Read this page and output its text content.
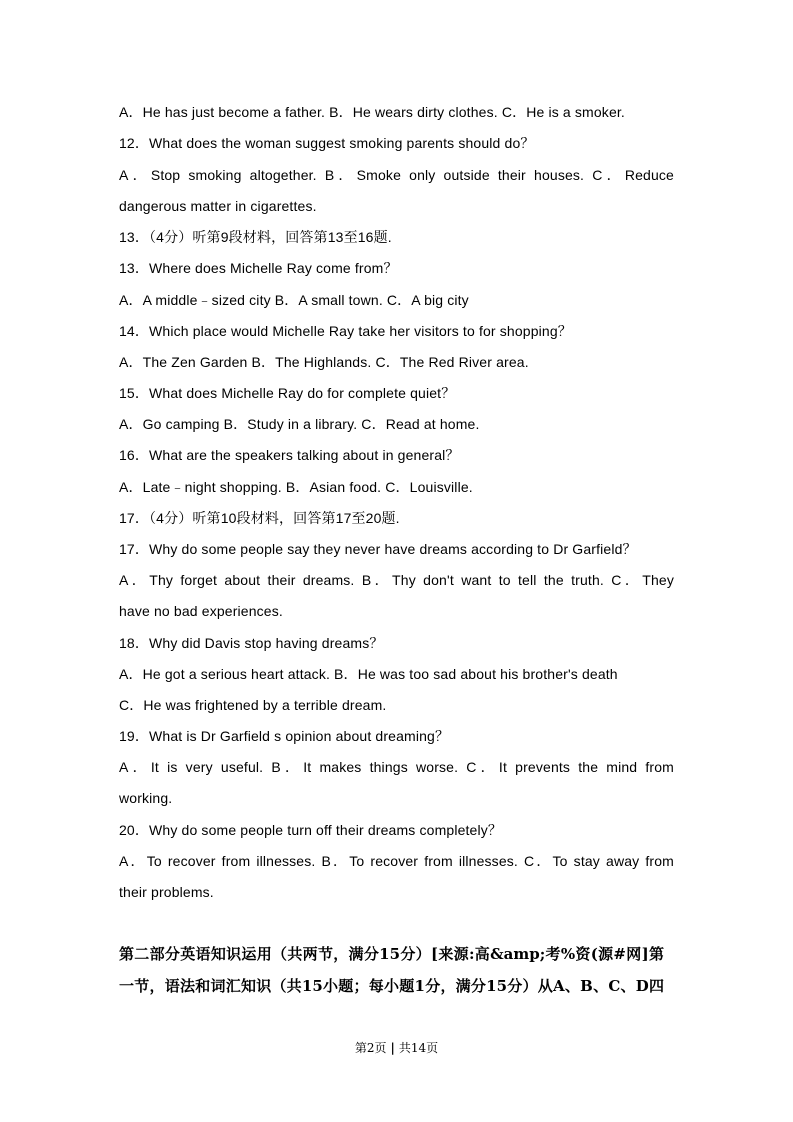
A．He has just become a father. B．He wears dirty clothes. C．He is a smoker.
12．What does the woman suggest smoking parents should do？
A．Stop smoking altogether. B．Smoke only outside their houses. C．Reduce
dangerous matter in cigarettes.
13．（4分）听第9段材料，回答第13至16题.
13．Where does Michelle Ray come from？
A．A middle﹣sized city B．A small town. C．A big city
14．Which place would Michelle Ray take her visitors to for shopping？
A．The Zen Garden B．The Highlands. C．The Red River area.
15．What does Michelle Ray do for complete quiet？
A．Go camping B．Study in a library. C．Read at home.
16．What are the speakers talking about in general？
A．Late﹣night shopping. B．Asian food. C．Louisville.
17．（4分）听第10段材料，回答第17至20题.
17．Why do some people say they never have dreams according to Dr Garfield？
A．Thy forget about their dreams. B．Thy don't want to tell the truth. C．They
have no bad experiences.
18．Why did Davis stop having dreams？
A．He got a serious heart attack. B．He was too sad about his brother's death
C．He was frightened by a terrible dream.
19．What is Dr Garfield s opinion about dreaming？
A．It is very useful. B．It makes things worse. C．It prevents the mind from
working.
20．Why do some people turn off their dreams completely？
A．To recover from illnesses. B．To recover from illnesses. C．To stay away from
their problems.
第二部分英语知识运用（共两节，满分15分）[来源:高&amp;考%资(源#网]第
一节，语法和词汇知识（共15小题；每小题1分，满分15分）从A、B、C、D四
第2页 | 共14页
